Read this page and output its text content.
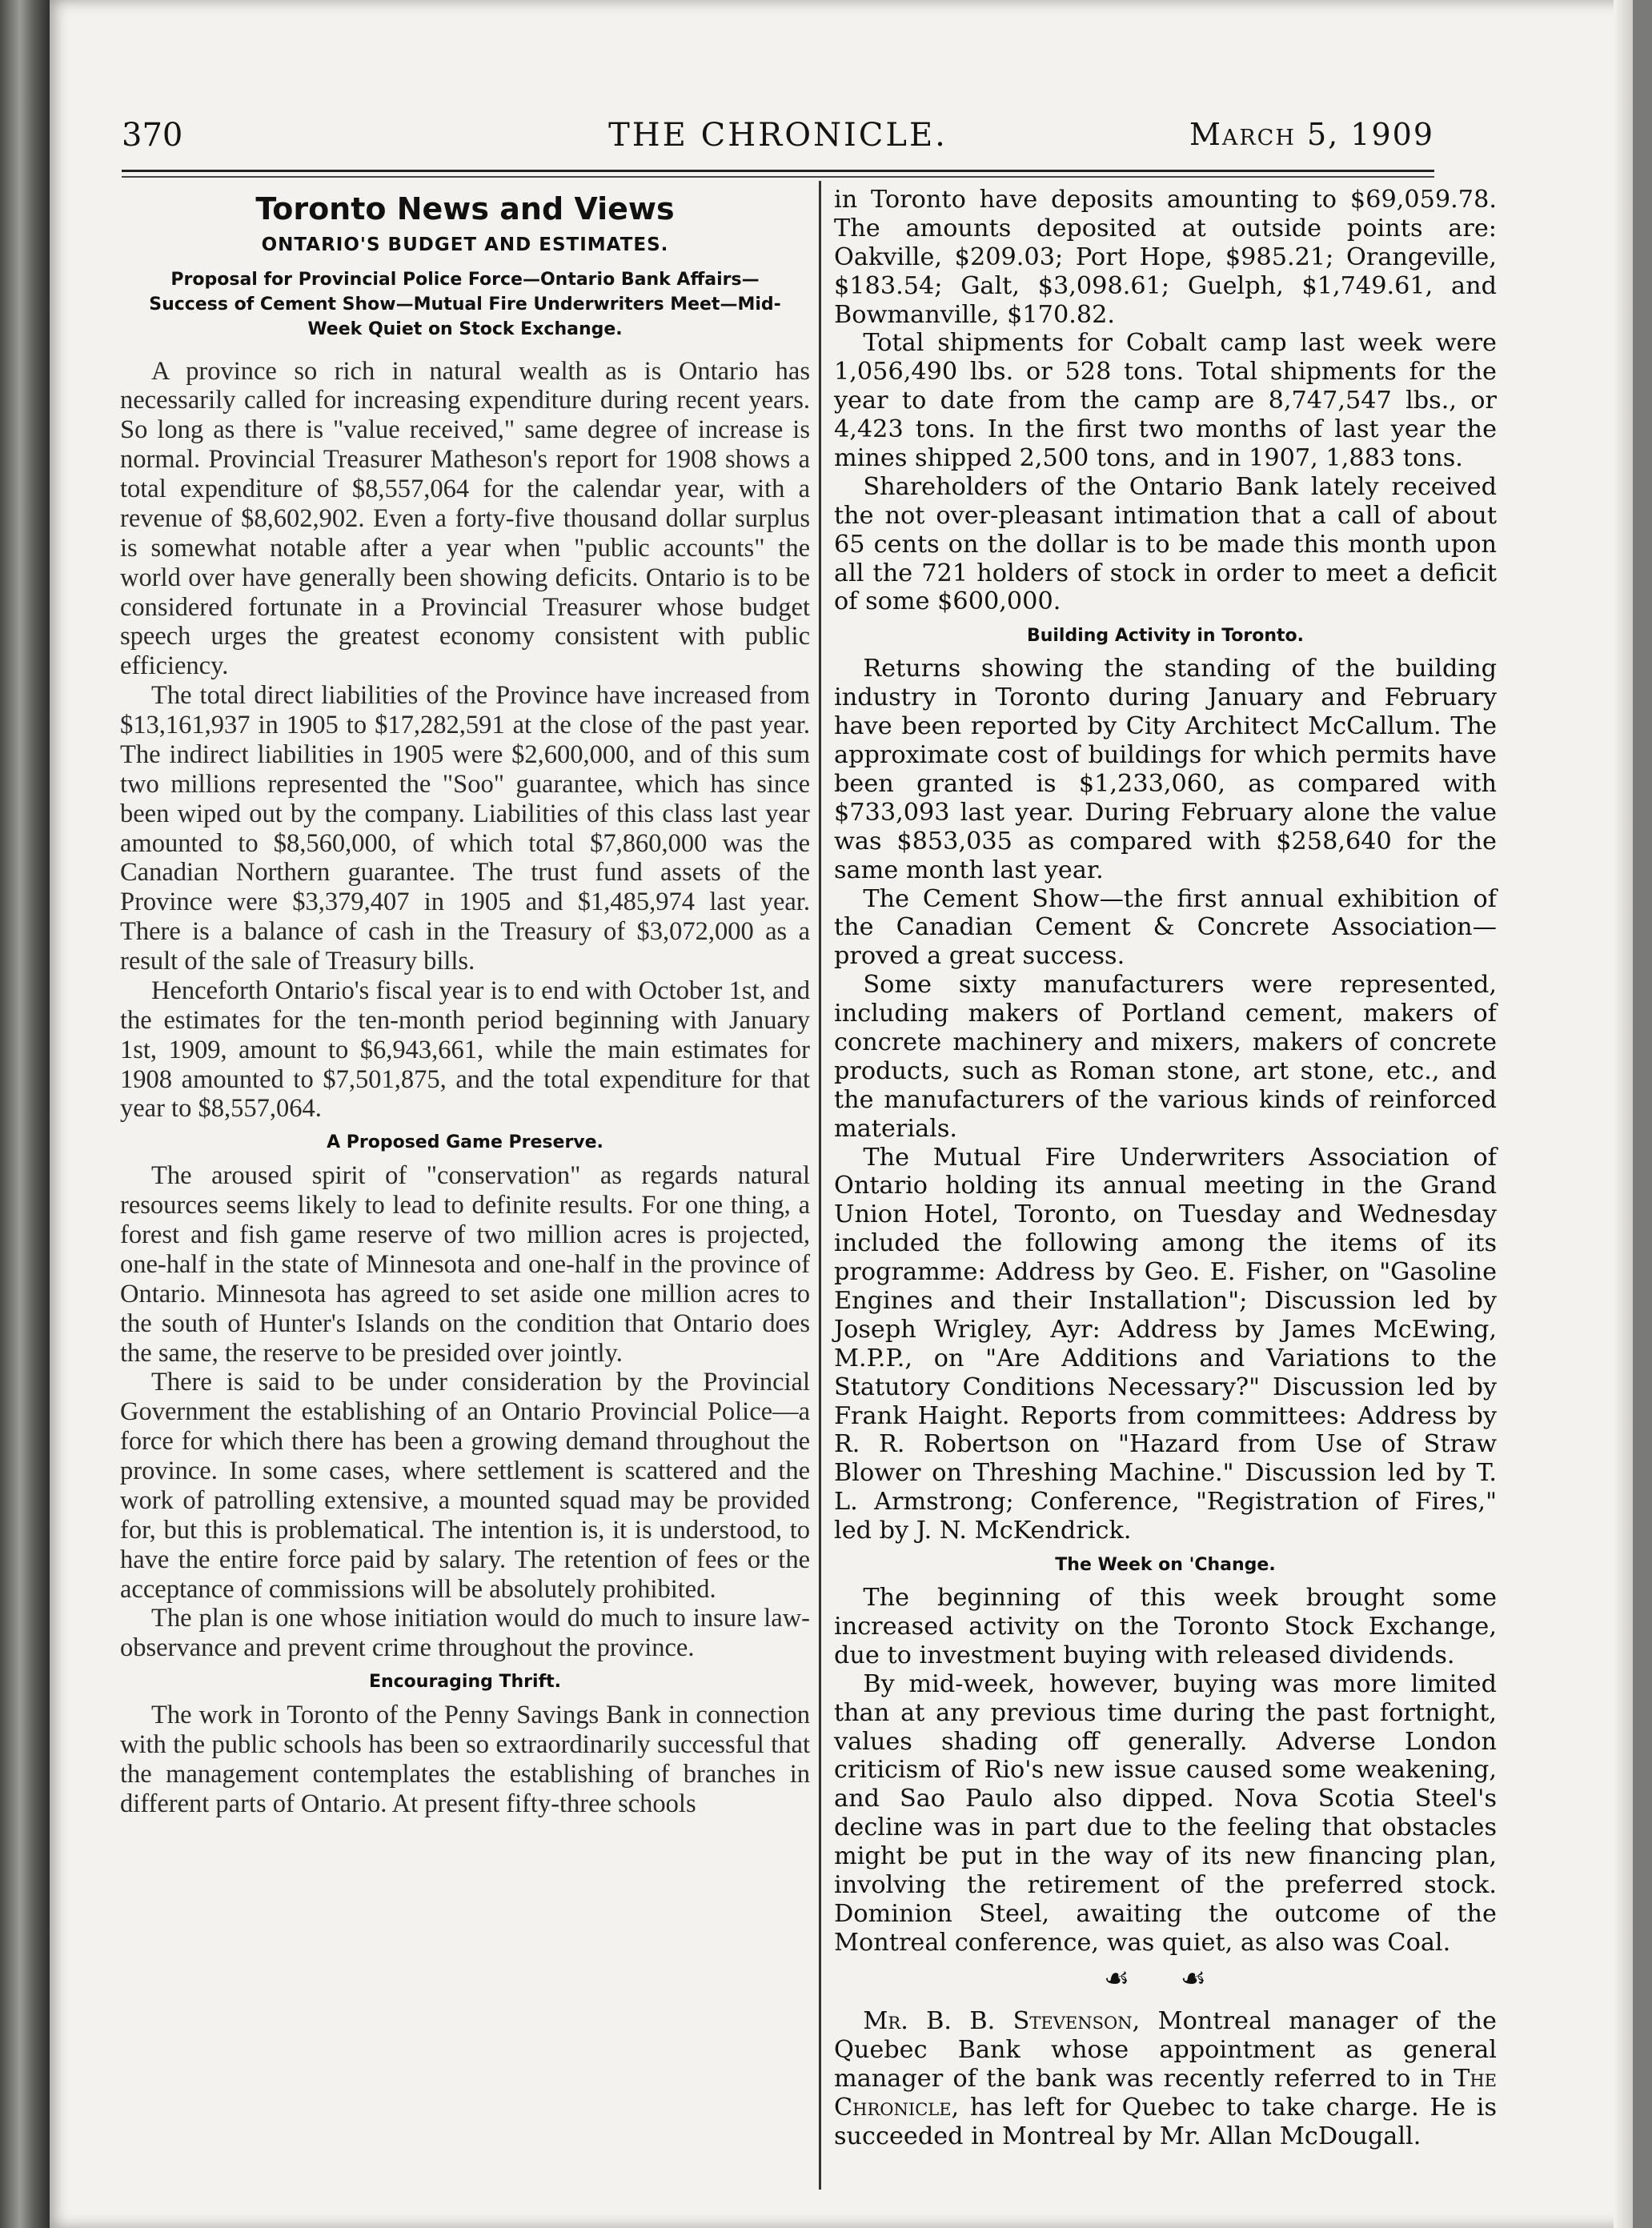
370	THE CHRONICLE.	March 5, 1909
Toronto News and Views
ONTARIO'S BUDGET AND ESTIMATES.
Proposal for Provincial Police Force—Ontario Bank Affairs—Success of Cement Show—Mutual Fire Underwriters Meet—Mid-Week Quiet on Stock Exchange.

A province so rich in natural wealth as is Ontario has necessarily called for increasing expenditure during recent years. So long as there is "value received," same degree of increase is normal. Provincial Treasurer Matheson's report for 1908 shows a total expenditure of $8,557,064 for the calendar year, with a revenue of $8,602,902. Even a forty-five thousand dollar surplus is somewhat notable after a year when "public accounts" the world over have generally been showing deficits. Ontario is to be considered fortunate in a Provincial Treasurer whose budget speech urges the greatest economy consistent with public efficiency.

The total direct liabilities of the Province have increased from $13,161,937 in 1905 to $17,282,591 at the close of the past year. The indirect liabilities in 1905 were $2,600,000, and of this sum two millions represented the "Soo" guarantee, which has since been wiped out by the company. Liabilities of this class last year amounted to $8,560,000, of which total $7,860,000 was the Canadian Northern guarantee. The trust fund assets of the Province were $3,379,407 in 1905 and $1,485,974 last year. There is a balance of cash in the Treasury of $3,072,000 as a result of the sale of Treasury bills.

Henceforth Ontario's fiscal year is to end with October 1st, and the estimates for the ten-month period beginning with January 1st, 1909, amount to $6,943,661, while the main estimates for 1908 amounted to $7,501,875, and the total expenditure for that year to $8,557,064.

A Proposed Game Preserve.

The aroused spirit of "conservation" as regards natural resources seems likely to lead to definite results. For one thing, a forest and fish game reserve of two million acres is projected, one-half in the state of Minnesota and one-half in the province of Ontario. Minnesota has agreed to set aside one million acres to the south of Hunter's Islands on the condition that Ontario does the same, the reserve to be presided over jointly.

There is said to be under consideration by the Provincial Government the establishing of an Ontario Provincial Police—a force for which there has been a growing demand throughout the province. In some cases, where settlement is scattered and the work of patrolling extensive, a mounted squad may be provided for, but this is problematical. The intention is, it is understood, to have the entire force paid by salary. The retention of fees or the acceptance of commissions will be absolutely prohibited.

The plan is one whose initiation would do much to insure law-observance and prevent crime throughout the province.

Encouraging Thrift.

The work in Toronto of the Penny Savings Bank in connection with the public schools has been so extraordinarily successful that the management contemplates the establishing of branches in different parts of Ontario. At present fifty-three schools

in Toronto have deposits amounting to $69,059.78. The amounts deposited at outside points are: Oakville, $209.03; Port Hope, $985.21; Orangeville, $183.54; Galt, $3,098.61; Guelph, $1,749.61, and Bowmanville, $170.82.

Total shipments for Cobalt camp last week were 1,056,490 lbs. or 528 tons. Total shipments for the year to date from the camp are 8,747,547 lbs., or 4,423 tons. In the first two months of last year the mines shipped 2,500 tons, and in 1907, 1,883 tons.

Shareholders of the Ontario Bank lately received the not over-pleasant intimation that a call of about 65 cents on the dollar is to be made this month upon all the 721 holders of stock in order to meet a deficit of some $600,000.

Building Activity in Toronto.

Returns showing the standing of the building industry in Toronto during January and February have been reported by City Architect McCallum. The approximate cost of buildings for which permits have been granted is $1,233,060, as compared with $733,093 last year. During February alone the value was $853,035 as compared with $258,640 for the same month last year.

The Cement Show—the first annual exhibition of the Canadian Cement & Concrete Association—proved a great success.

Some sixty manufacturers were represented, including makers of Portland cement, makers of concrete machinery and mixers, makers of concrete products, such as Roman stone, art stone, etc., and the manufacturers of the various kinds of reinforced materials.

The Mutual Fire Underwriters Association of Ontario holding its annual meeting in the Grand Union Hotel, Toronto, on Tuesday and Wednesday included the following among the items of its programme: Address by Geo. E. Fisher, on "Gasoline Engines and their Installation"; Discussion led by Joseph Wrigley, Ayr: Address by James McEwing, M.P.P., on "Are Additions and Variations to the Statutory Conditions Necessary?" Discussion led by Frank Haight. Reports from committees: Address by R. R. Robertson on "Hazard from Use of Straw Blower on Threshing Machine." Discussion led by T. L. Armstrong; Conference, "Registration of Fires," led by J. N. McKendrick.

The Week on 'Change.

The beginning of this week brought some increased activity on the Toronto Stock Exchange, due to investment buying with released dividends.

By mid-week, however, buying was more limited than at any previous time during the past fortnight, values shading off generally. Adverse London criticism of Rio's new issue caused some weakening, and Sao Paulo also dipped. Nova Scotia Steel's decline was in part due to the feeling that obstacles might be put in the way of its new financing plan, involving the retirement of the preferred stock. Dominion Steel, awaiting the outcome of the Montreal conference, was quiet, as also was Coal.

☙ ☙

Mr. B. B. Stevenson, Montreal manager of the Quebec Bank whose appointment as general manager of the bank was recently referred to in The Chronicle, has left for Quebec to take charge. He is succeeded in Montreal by Mr. Allan McDougall.
